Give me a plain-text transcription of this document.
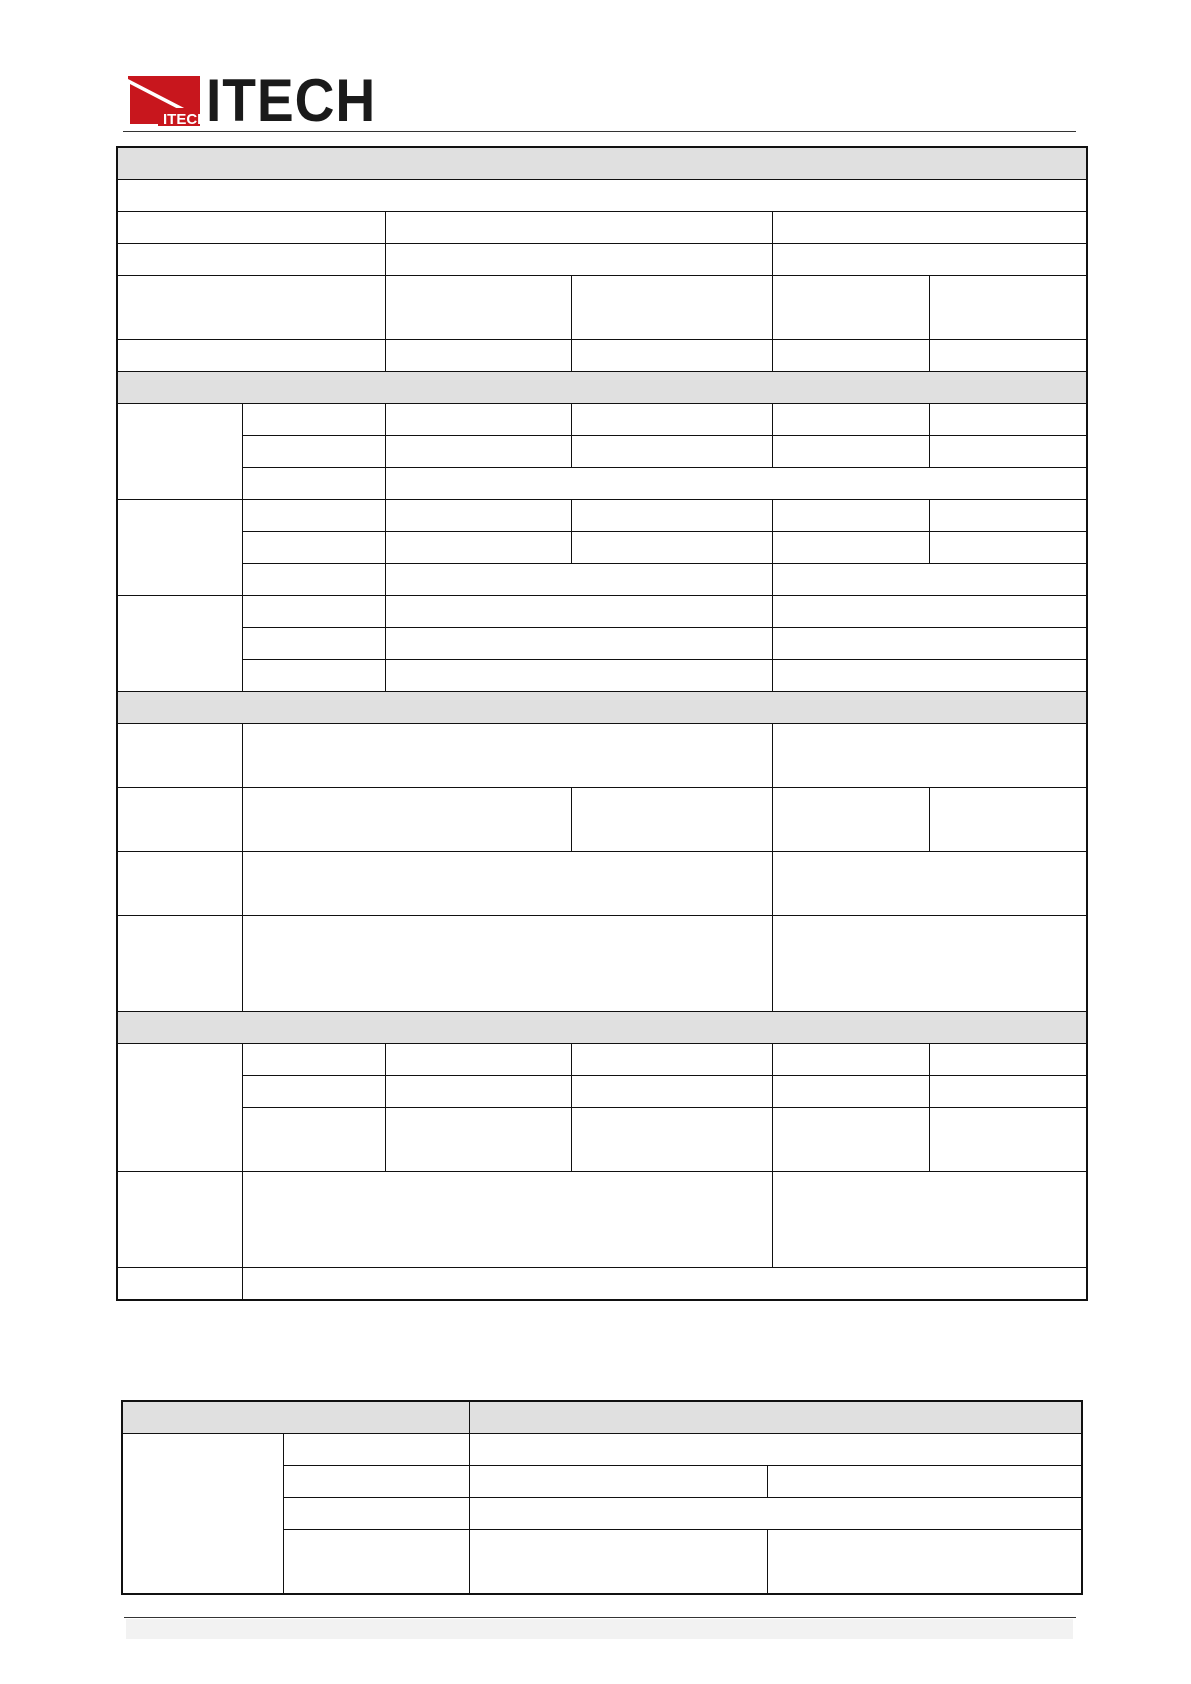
ITECH
ITECH
